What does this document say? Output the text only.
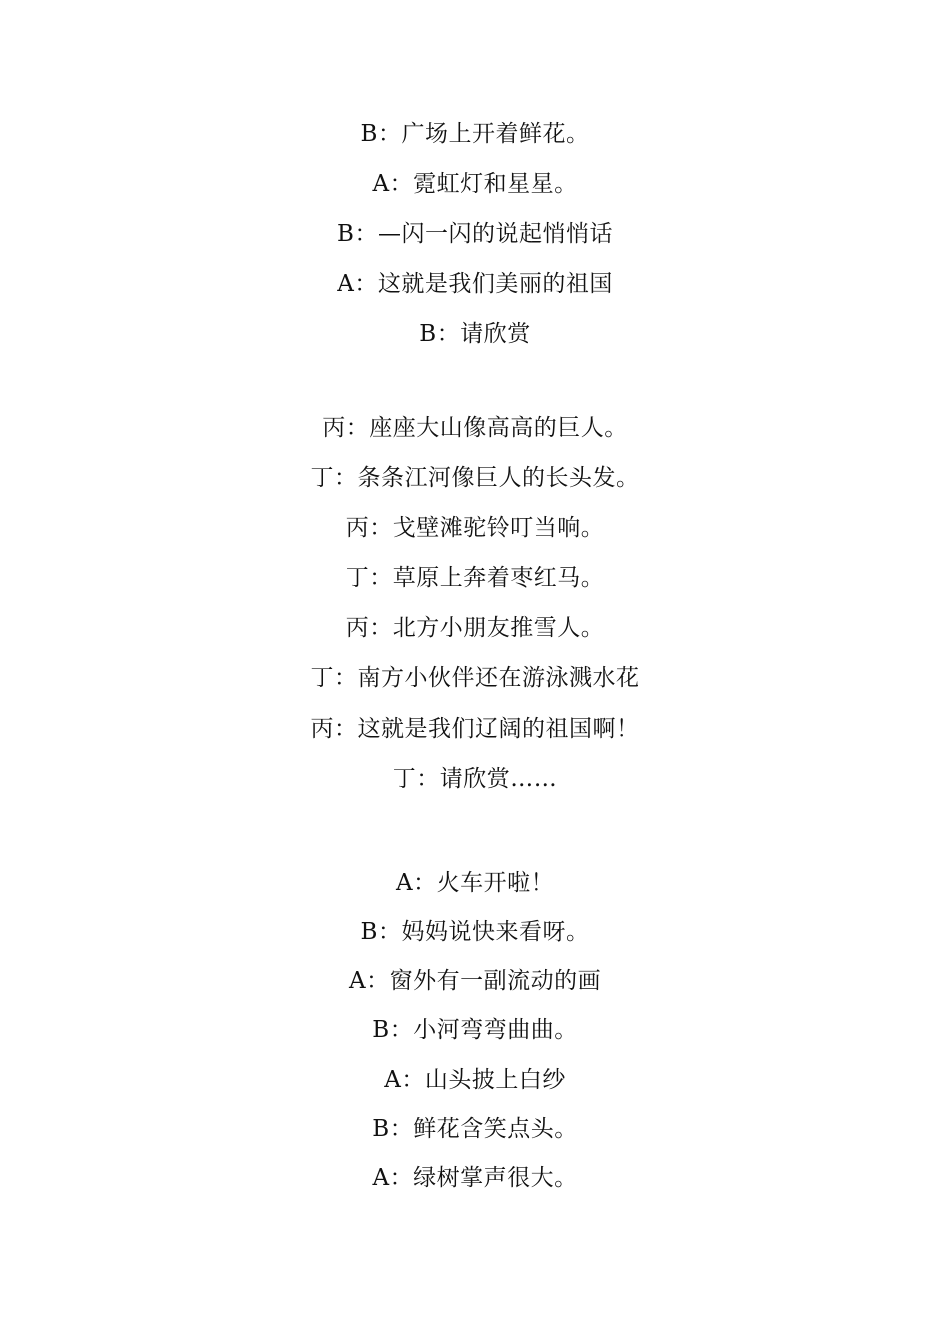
B：广场上开着鲜花。
A：霓虹灯和星星。
B：—闪一闪的说起悄悄话
A：这就是我们美丽的祖国
B：请欣赏
丙：座座大山像高高的巨人。
丁：条条江河像巨人的长头发。
丙：戈壁滩驼铃叮当响。
丁：草原上奔着枣红马。
丙：北方小朋友推雪人。
丁：南方小伙伴还在游泳溅水花
丙：这就是我们辽阔的祖国啊！
丁：请欣赏……
A：火车开啦！
B：妈妈说快来看呀。
A：窗外有一副流动的画
B：小河弯弯曲曲。
A：山头披上白纱
B：鲜花含笑点头。
A：绿树掌声很大。
